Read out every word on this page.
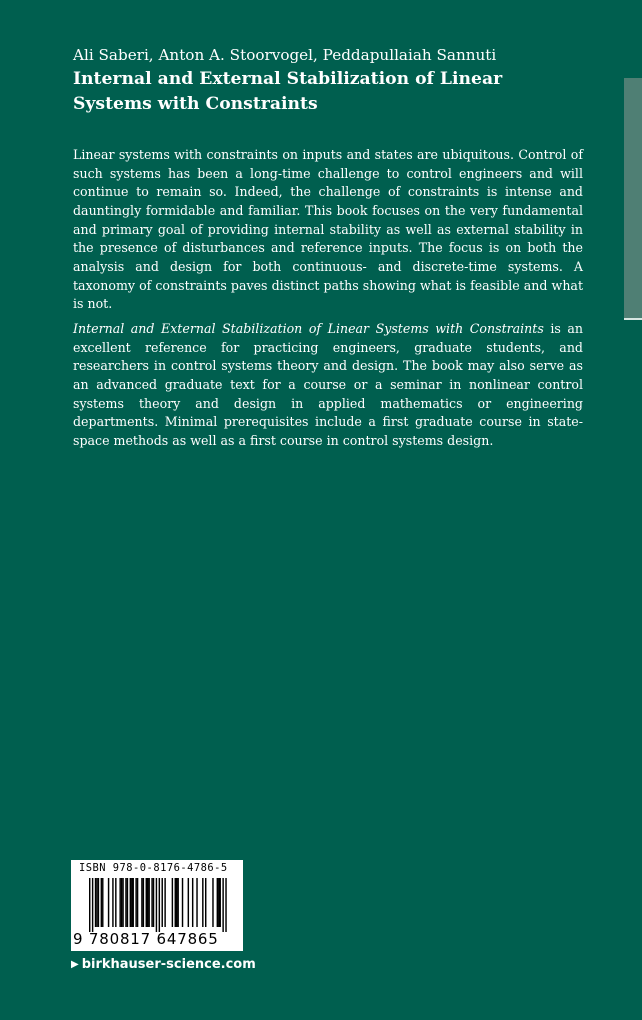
Ali Saberi, Anton A. Stoorvogel, Peddapullaiah Sannuti
Internal and External Stabilization of Linear Systems with Constraints

Linear systems with constraints on inputs and states are ubiquitous. Control of such systems has been a long-time challenge to control engineers and will continue to remain so. Indeed, the challenge of constraints is intense and dauntingly formidable and familiar. This book focuses on the very fundamental and primary goal of providing internal stability as well as external stability in the presence of disturbances and reference inputs. The focus is on both the analysis and design for both continuous- and discrete-time systems. A taxonomy of constraints paves distinct paths showing what is feasible and what is not.

Internal and External Stabilization of Linear Systems with Constraints is an excellent reference for practicing engineers, graduate students, and researchers in control systems theory and design. The book may also serve as an advanced graduate text for a course or a seminar in nonlinear control systems theory and design in applied mathematics or engineering departments. Minimal prerequisites include a first graduate course in state-space methods as well as a first course in control systems design.

ISBN 978-0-8176-4786-5
9 780817 647865
▶ birkhauser-science.com
